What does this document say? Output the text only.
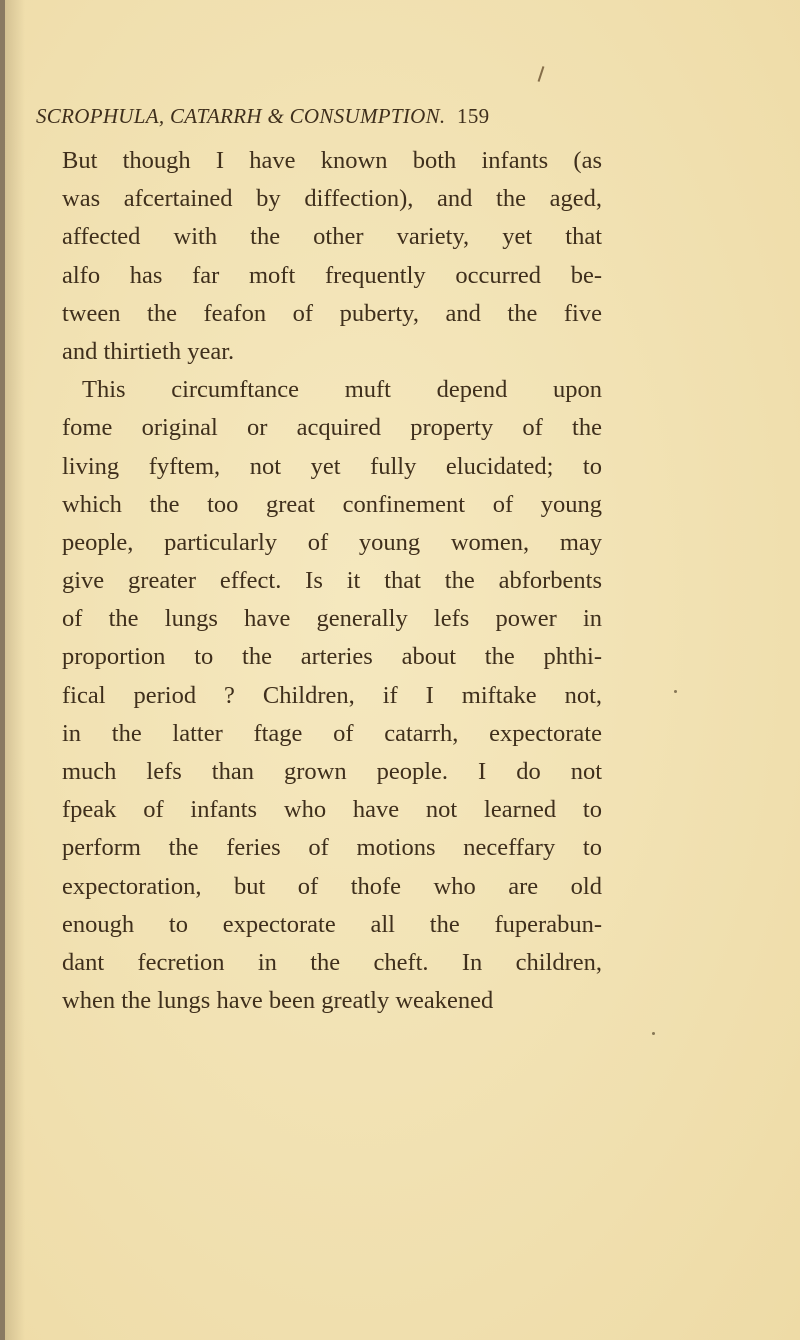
SCROPHULA, CATARRH & CONSUMPTION. 159
But though I have known both infants (as
was afcertained by diffection), and the aged,
affected with the other variety, yet that
alfo has far moft frequently occurred be-
tween the feafon of puberty, and the five
and thirtieth year.
This circumftance muft depend upon
fome original or acquired property of the
living fyftem, not yet fully elucidated; to
which the too great confinement of young
people, particularly of young women, may
give greater effect. Is it that the abforbents
of the lungs have generally lefs power in
proportion to the arteries about the phthi-
fical period ? Children, if I miftake not,
in the latter ftage of catarrh, expectorate
much lefs than grown people. I do not
fpeak of infants who have not learned to
perform the feries of motions neceffary to
expectoration, but of thofe who are old
enough to expectorate all the fuperabun-
dant fecretion in the cheft. In children,
when the lungs have been greatly weakened
